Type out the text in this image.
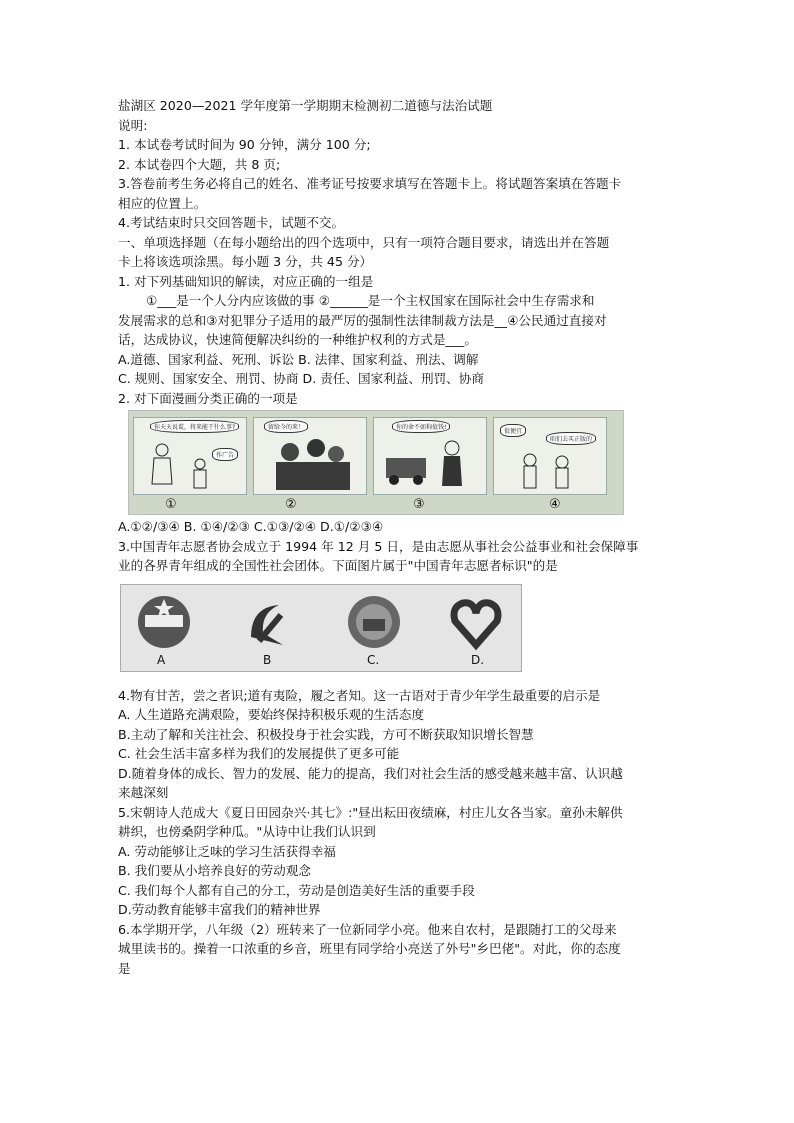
盐湖区 2020—2021 学年度第一学期期末检测初二道德与法治试题
说明:
1. 本试卷考试时间为 90 分钟，满分 100 分;
2. 本试卷四个大题，共 8 页;
3.答卷前考生务必将自己的姓名、准考证号按要求填写在答题卡上。将试题答案填在答题卡
相应的位置上。
4.考试结束时只交回答题卡，试题不交。
一、单项选择题（在每小题给出的四个选项中，只有一项符合题目要求，请选出并在答题
卡上将该选项涂黑。每小题 3 分，共 45 分）
1. 对下列基础知识的解读，对应正确的一组是
①___是一个人分内应该做的事 ②______是一个主权国家在国际社会中生存需求和
发展需求的总和③对犯罪分子适用的最严厉的强制性法律制裁方法是__④公民通过直接对
话，达成协议，快速简便解决纠纷的一种维护权利的方式是___。
A.道德、国家利益、死刑、诉讼 B. 法律、国家利益、刑法、调解
C. 规则、国家安全、刑罚、协商 D. 责任、国家利益、刑罚、协商
2. 对下面漫画分类正确的一项是
你天天说谎，将来能干什么事?
作广告
留给今的来！	你的命不如狗值钱!
很便宜
咱们去买正版的
①	②	③	④
A.①②/③④ B. ①④/②③ C.①③/②④ D.①/②③④
3.中国青年志愿者协会成立于 1994 年 12 月 5 日，是由志愿从事社会公益事业和社会保障事
业的各界青年组成的全国性社会团体。下面图片属于"中国青年志愿者标识"的是
A	B	C.	D.
4.物有甘苦，尝之者识;道有夷险，履之者知。这一古语对于青少年学生最重要的启示是
A. 人生道路充满艰险，要始终保持积极乐观的生活态度
B.主动了解和关注社会、积极投身于社会实践，方可不断获取知识增长智慧
C. 社会生活丰富多样为我们的发展提供了更多可能
D.随着身体的成长、智力的发展、能力的提高，我们对社会生活的感受越来越丰富、认识越
来越深刻
5.宋朝诗人范成大《夏日田园杂兴·其七》:"昼出耘田夜绩麻，村庄儿女各当家。童孙未解供
耕织，也傍桑阴学种瓜。"从诗中让我们认识到
A. 劳动能够让乏味的学习生活获得幸福
B. 我们要从小培养良好的劳动观念
C. 我们每个人都有自己的分工，劳动是创造美好生活的重要手段
D.劳动教育能够丰富我们的精神世界
6.本学期开学，八年级（2）班转来了一位新同学小亮。他来自农村，是跟随打工的父母来
城里读书的。操着一口浓重的乡音，班里有同学给小亮送了外号"乡巴佬"。对此，你的态度
是
